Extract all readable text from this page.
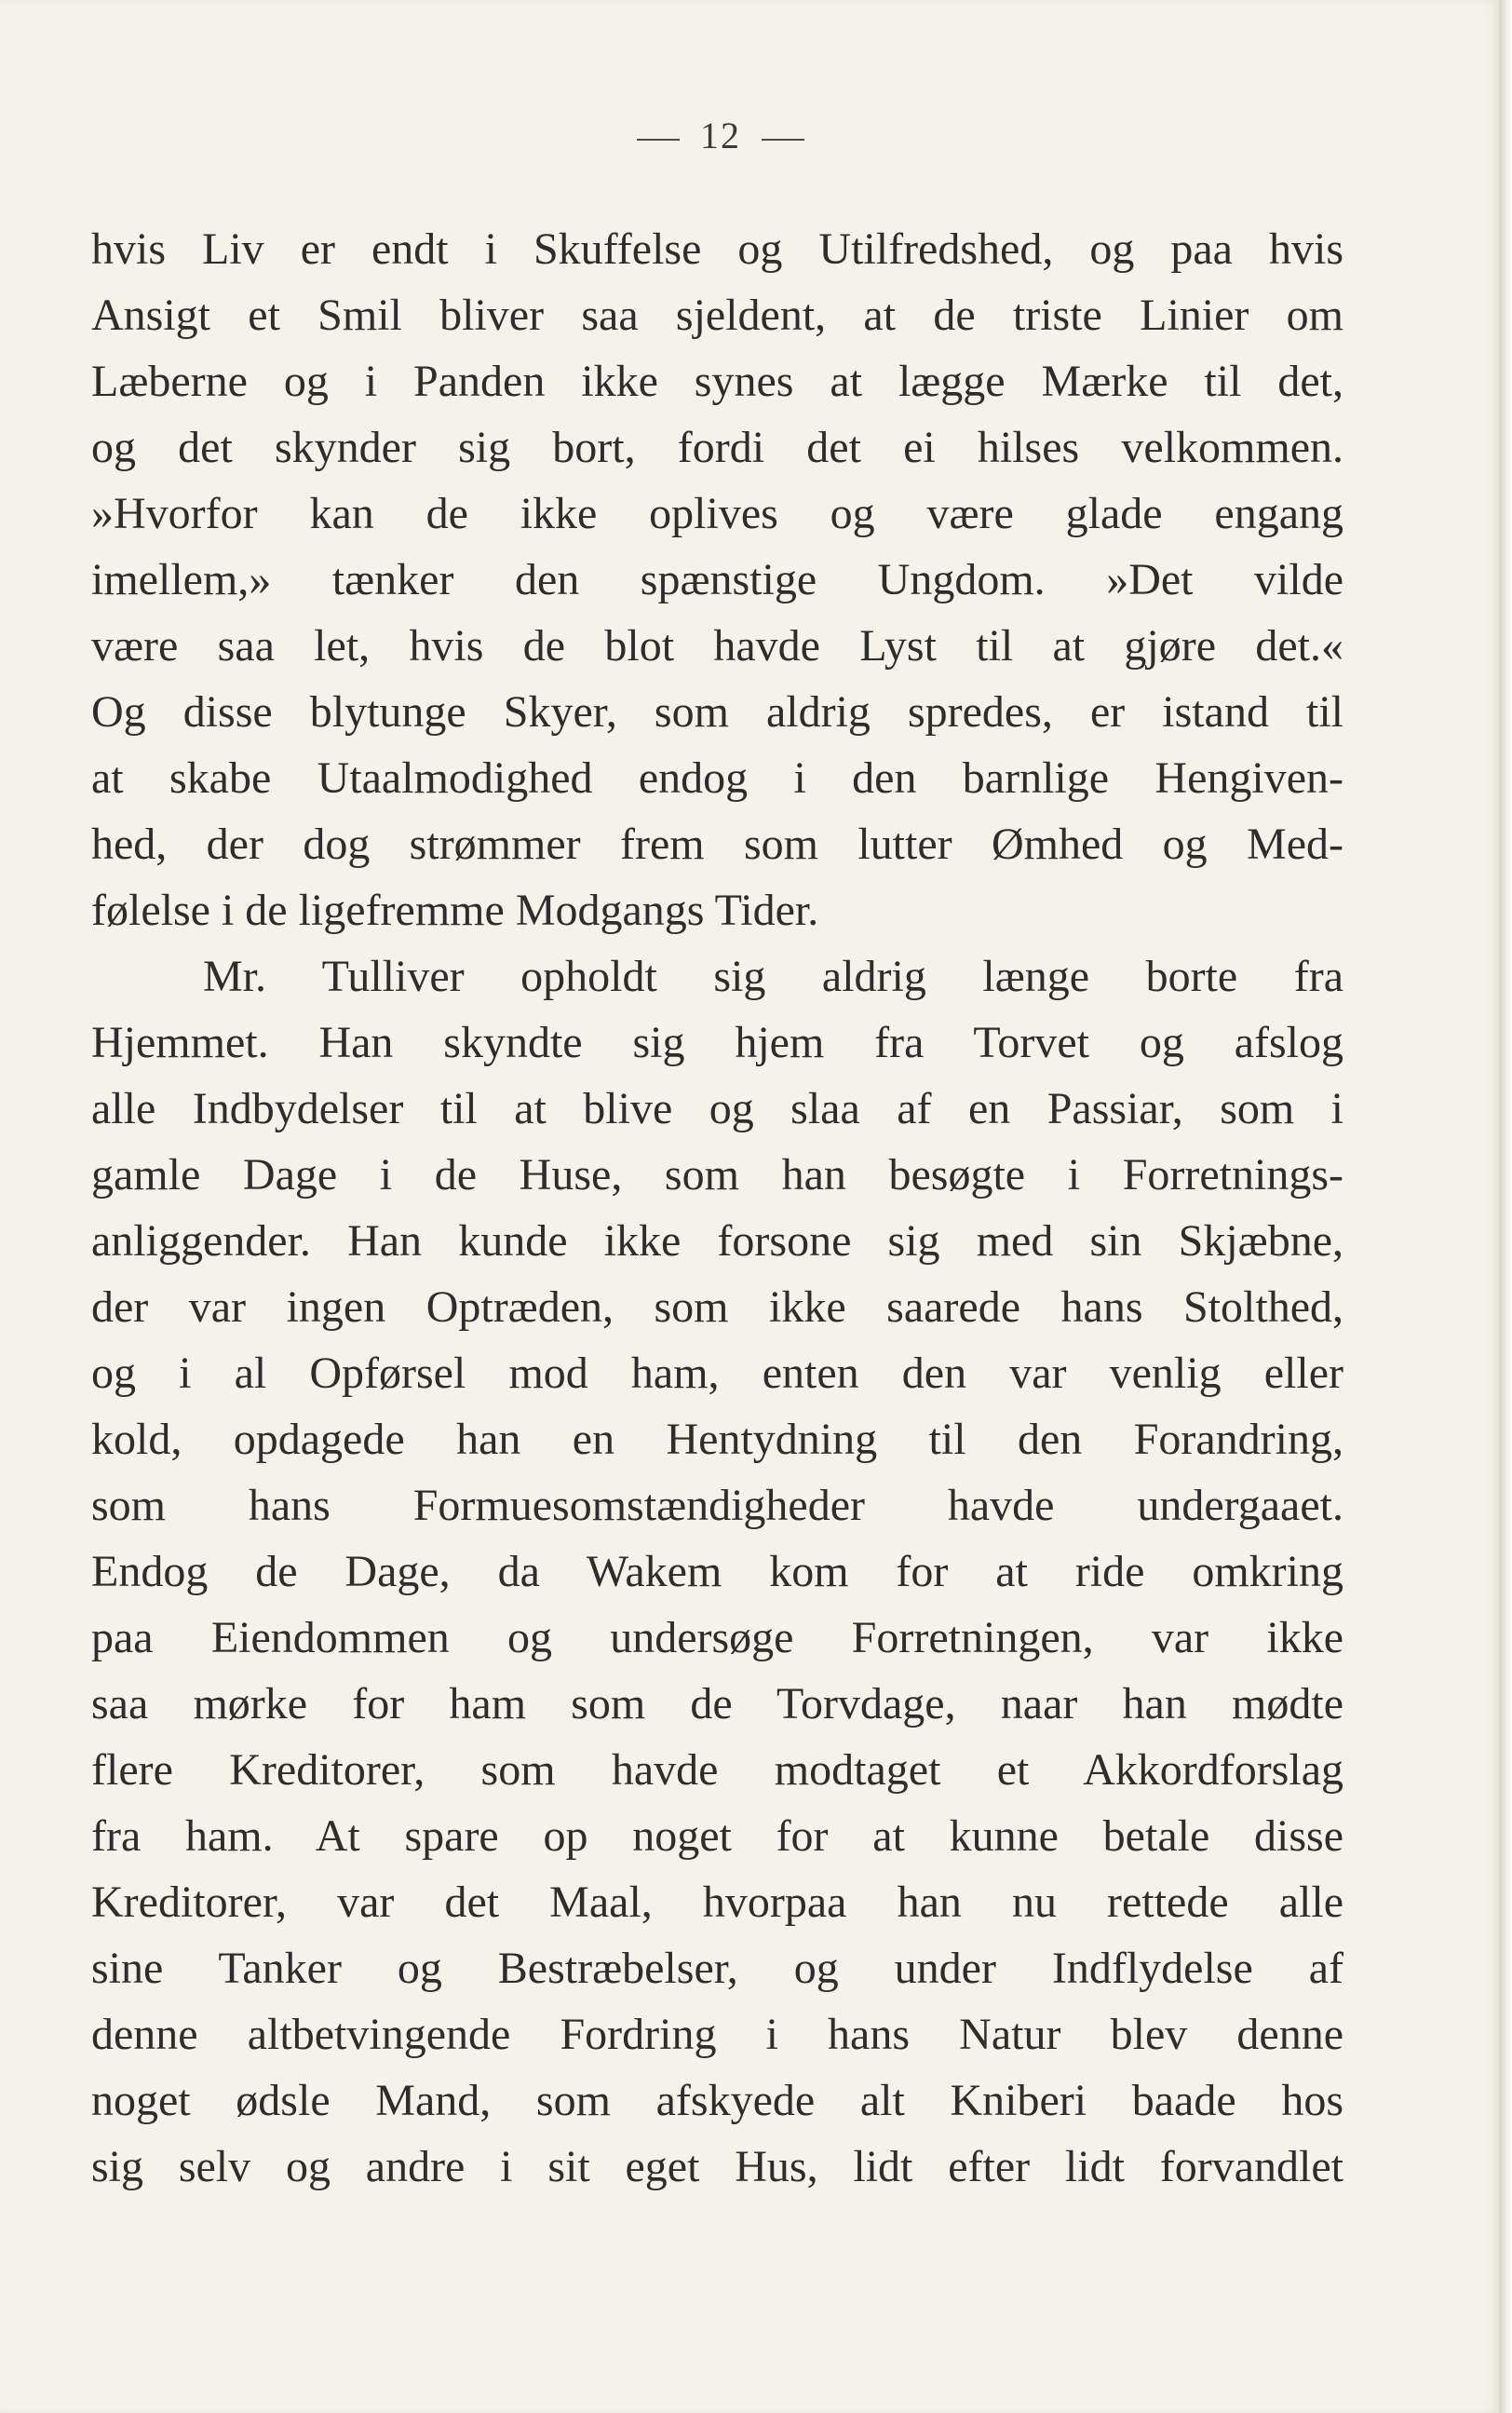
12
hvis Liv er endt i Skuffelse og Utilfredshed, og paa hvis
Ansigt et Smil bliver saa sjeldent, at de triste Linier om
Læberne og i Panden ikke synes at lægge Mærke til det,
og det skynder sig bort, fordi det ei hilses velkommen.
»Hvorfor kan de ikke oplives og være glade engang
imellem,» tænker den spænstige Ungdom. »Det vilde
være saa let, hvis de blot havde Lyst til at gjøre det.«
Og disse blytunge Skyer, som aldrig spredes, er istand til
at skabe Utaalmodighed endog i den barnlige Hengiven-
hed, der dog strømmer frem som lutter Ømhed og Med-
følelse i de ligefremme Modgangs Tider.
Mr. Tulliver opholdt sig aldrig længe borte fra
Hjemmet. Han skyndte sig hjem fra Torvet og afslog
alle Indbydelser til at blive og slaa af en Passiar, som i
gamle Dage i de Huse, som han besøgte i Forretnings-
anliggender. Han kunde ikke forsone sig med sin Skjæbne,
der var ingen Optræden, som ikke saarede hans Stolthed,
og i al Opførsel mod ham, enten den var venlig eller
kold, opdagede han en Hentydning til den Forandring,
som hans Formuesomstændigheder havde undergaaet.
Endog de Dage, da Wakem kom for at ride omkring
paa Eiendommen og undersøge Forretningen, var ikke
saa mørke for ham som de Torvdage, naar han mødte
flere Kreditorer, som havde modtaget et Akkordforslag
fra ham. At spare op noget for at kunne betale disse
Kreditorer, var det Maal, hvorpaa han nu rettede alle
sine Tanker og Bestræbelser, og under Indflydelse af
denne altbetvingende Fordring i hans Natur blev denne
noget ødsle Mand, som afskyede alt Kniberi baade hos
sig selv og andre i sit eget Hus, lidt efter lidt forvandlet
